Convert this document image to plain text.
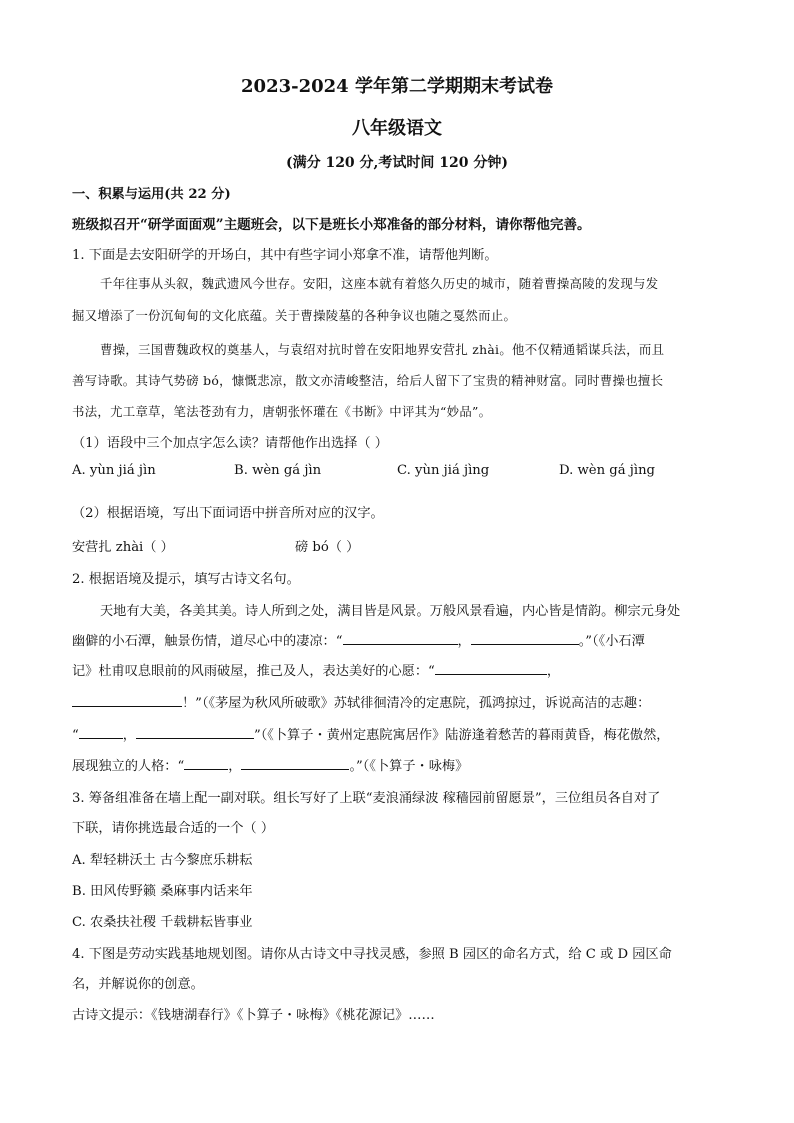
2023-2024 学年第二学期期末考试卷
八年级语文
(满分 120 分,考试时间 120 分钟)
一、积累与运用(共 22 分)
班级拟召开“研学面面观”主题班会，以下是班长小郑准备的部分材料，请你帮他完善。
1. 下面是去安阳研学的开场白，其中有些字词小郑拿不准，请帮他判断。
千年往事从头叙，魏武遗风今世存。安阳，这座本就有着悠久历史的城市，随着曹操高陵的发现与发
掘又增添了一份沉甸甸的文化底蕴。关于曹操陵墓的各种争议也随之戛然而止。
曹操，三国曹魏政权的奠基人，与袁绍对抗时曾在安阳地界安营扎 zhài。他不仅精通韬谋兵法，而且
善写诗歌。其诗气势磅 bó，慷慨悲凉，散文亦清峻整洁，给后人留下了宝贵的精神财富。同时曹操也擅长
书法，尤工章草，笔法苍劲有力，唐朝张怀瓘在《书断》中评其为“妙品”。
（1）语段中三个加点字怎么读？请帮他作出选择（ ）
A. yùn jiá jìn	B. wèn gá jìn	C. yùn jiá jìng	D. wèn gá jìng
（2）根据语境，写出下面词语中拼音所对应的汉字。
安营扎 zhài（ ）	磅 bó（ ）
2. 根据语境及提示，填写古诗文名句。
天地有大美，各美其美。诗人所到之处，满目皆是风景。万般风景看遍，内心皆是情韵。柳宗元身处
幽僻的小石潭，触景伤情，道尽心中的凄凉：“	，	。”（《小石潭
记》杜甫叹息眼前的风雨破屋，推己及人，表达美好的心愿：“	，
！”（《茅屋为秋风所破歌》苏轼徘徊清冷的定惠院，孤鸿掠过，诉说高洁的志趣：
“	，	”（《卜算子・黄州定惠院寓居作》陆游逢着愁苦的暮雨黄昏，梅花傲然，
展现独立的人格：“	，	。”（《卜算子・咏梅》
3. 筹备组准备在墙上配一副对联。组长写好了上联“麦浪涌绿波 稼穑园前留愿景”，三位组员各自对了
下联，请你挑选最合适的一个（ ）
A. 犁轻耕沃土 古今黎庶乐耕耘
B. 田风传野籁 桑麻事内话来年
C. 农桑扶社稷 千载耕耘皆事业
4. 下图是劳动实践基地规划图。请你从古诗文中寻找灵感，参照 B 园区的命名方式，给 C 或 D 园区命
名，并解说你的创意。
古诗文提示：《钱塘湖春行》《卜算子・咏梅》《桃花源记》……
